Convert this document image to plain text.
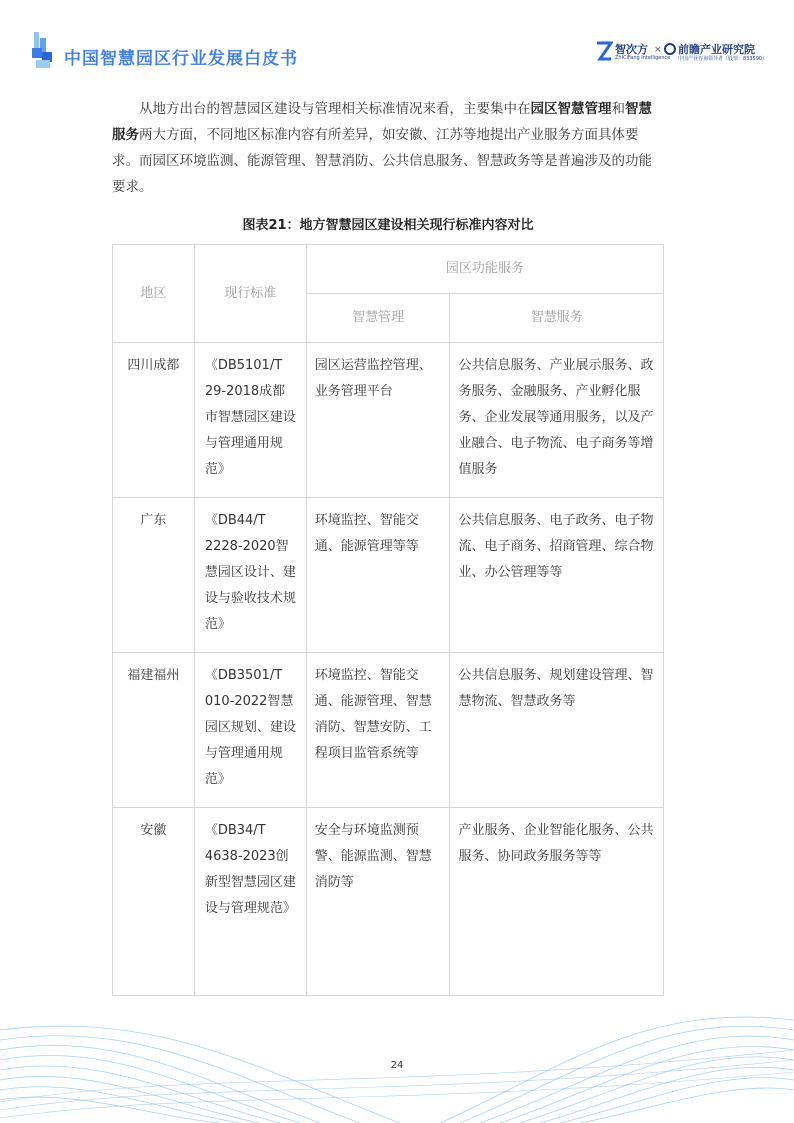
中国智慧园区行业发展白皮书	智次方
ZhiCiFang Intelligence
× 前瞻产业研究院
中国产业咨询领导者（股票：833590）

从地方出台的智慧园区建设与管理相关标准情况来看，主要集中在园区智慧管理和智慧服务两大方面，不同地区标准内容有所差异，如安徽、江苏等地提出产业服务方面具体要求。而园区环境监测、能源管理、智慧消防、公共信息服务、智慧政务等是普遍涉及的功能要求。

图表21：地方智慧园区建设相关现行标准内容对比
地区	现行标准	园区功能服务	
		智慧管理	智慧服务
四川成都	《DB5101/T 29-2018成都市智慧园区建设与管理通用规范》	园区运营监控管理、业务管理平台	公共信息服务、产业展示服务、政务服务、金融服务、产业孵化服务、企业发展等通用服务，以及产业融合、电子物流、电子商务等增值服务
广东	《DB44/T 2228-2020智慧园区设计、建设与验收技术规范》	环境监控、智能交通、能源管理等等	公共信息服务、电子政务、电子物流、电子商务、招商管理、综合物业、办公管理等等
福建福州	《DB3501/T 010-2022智慧园区规划、建设与管理通用规范》	环境监控、智能交通、能源管理、智慧消防、智慧安防、工程项目监管系统等	公共信息服务、规划建设管理、智慧物流、智慧政务等
安徽	《DB34/T 4638-2023创新型智慧园区建设与管理规范》	安全与环境监测预警、能源监测、智慧消防等	产业服务、企业智能化服务、公共服务、协同政务服务等等
24
